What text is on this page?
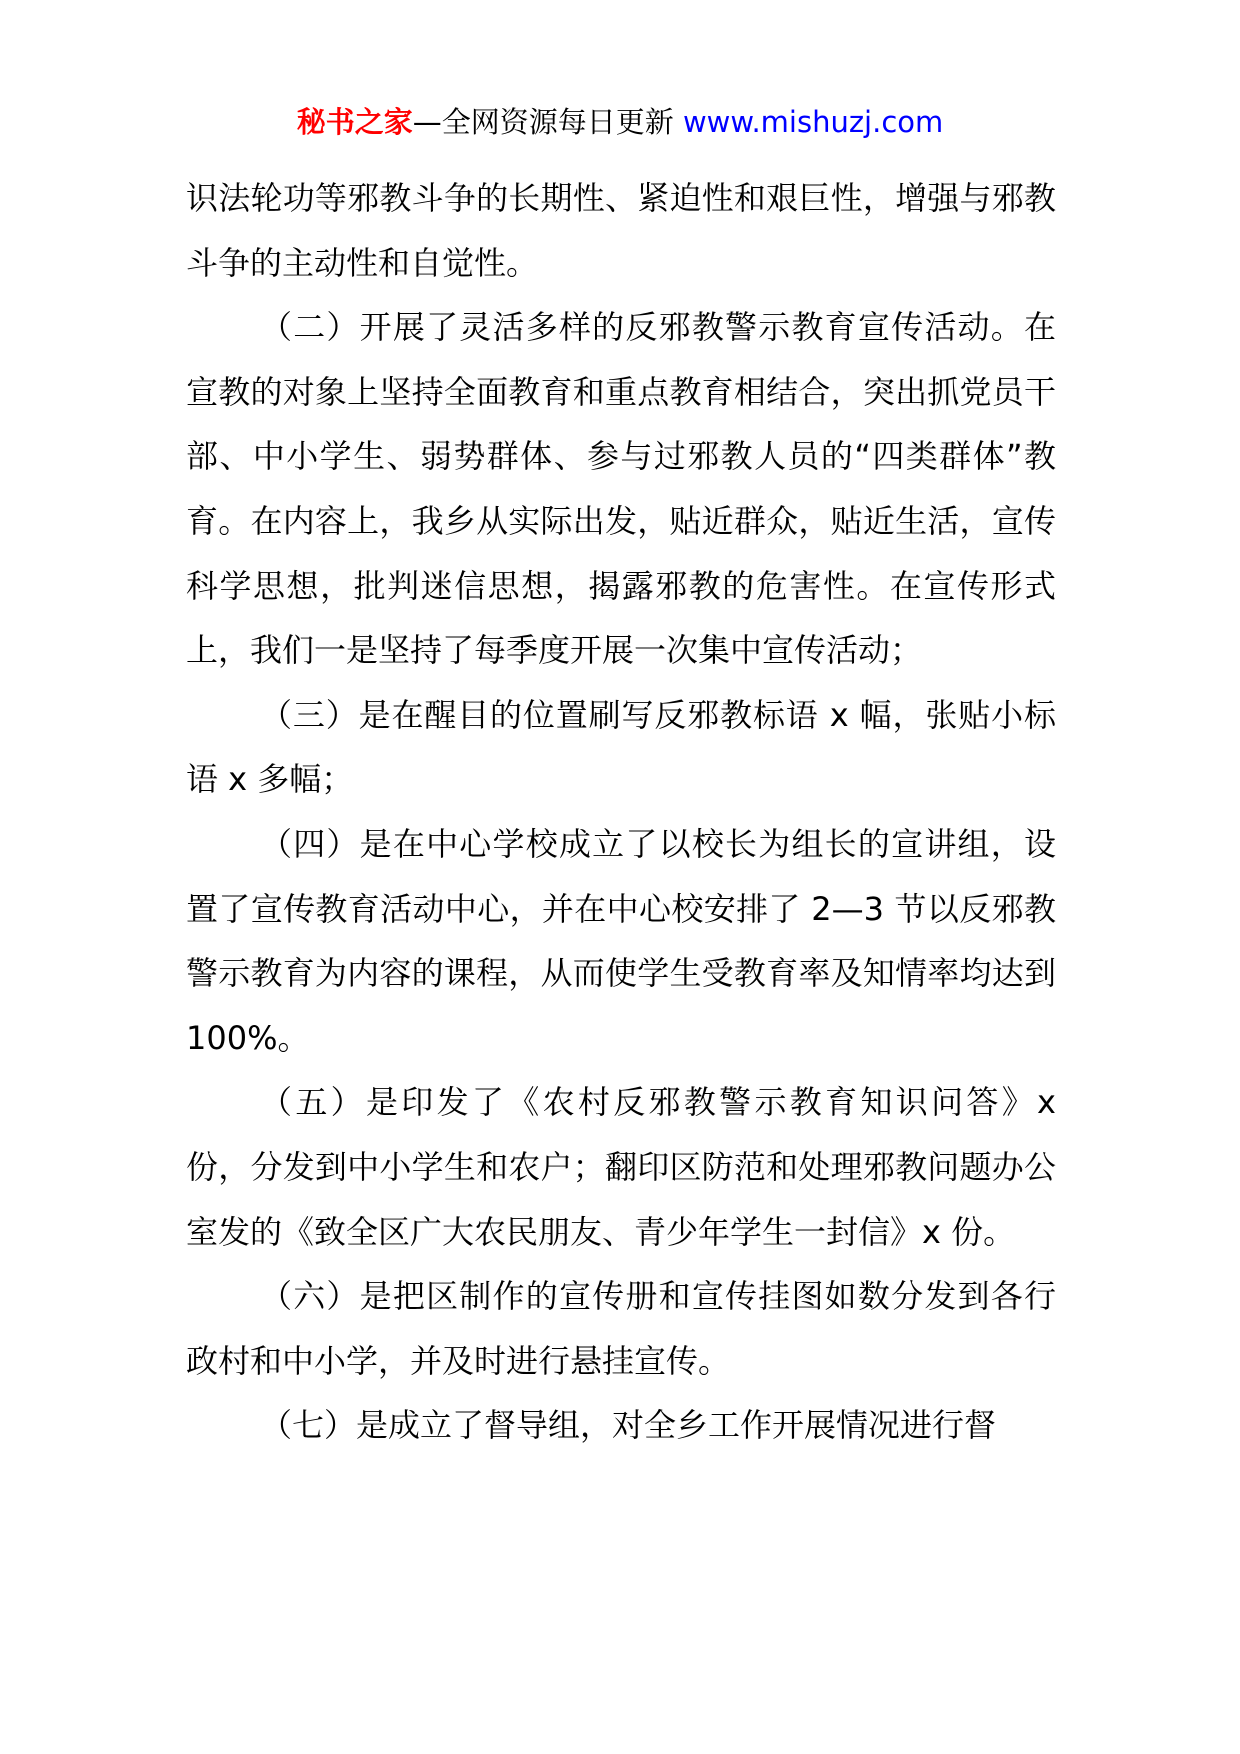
秘书之家—全网资源每日更新 www.mishuzj.com

识法轮功等邪教斗争的长期性、紧迫性和艰巨性，增强与邪教斗争的主动性和自觉性。

（二）开展了灵活多样的反邪教警示教育宣传活动。在宣教的对象上坚持全面教育和重点教育相结合，突出抓党员干部、中小学生、弱势群体、参与过邪教人员的“四类群体”教育。在内容上，我乡从实际出发，贴近群众，贴近生活，宣传科学思想，批判迷信思想，揭露邪教的危害性。在宣传形式上，我们一是坚持了每季度开展一次集中宣传活动；

（三）是在醒目的位置刷写反邪教标语 x 幅，张贴小标语 x 多幅；

（四）是在中心学校成立了以校长为组长的宣讲组，设置了宣传教育活动中心，并在中心校安排了 2—3 节以反邪教警示教育为内容的课程，从而使学生受教育率及知情率均达到 100%。

（五）是印发了《农村反邪教警示教育知识问答》x 份，分发到中小学生和农户；翻印区防范和处理邪教问题办公室发的《致全区广大农民朋友、青少年学生一封信》x 份。

（六）是把区制作的宣传册和宣传挂图如数分发到各行政村和中小学，并及时进行悬挂宣传。

（七）是成立了督导组，对全乡工作开展情况进行督
